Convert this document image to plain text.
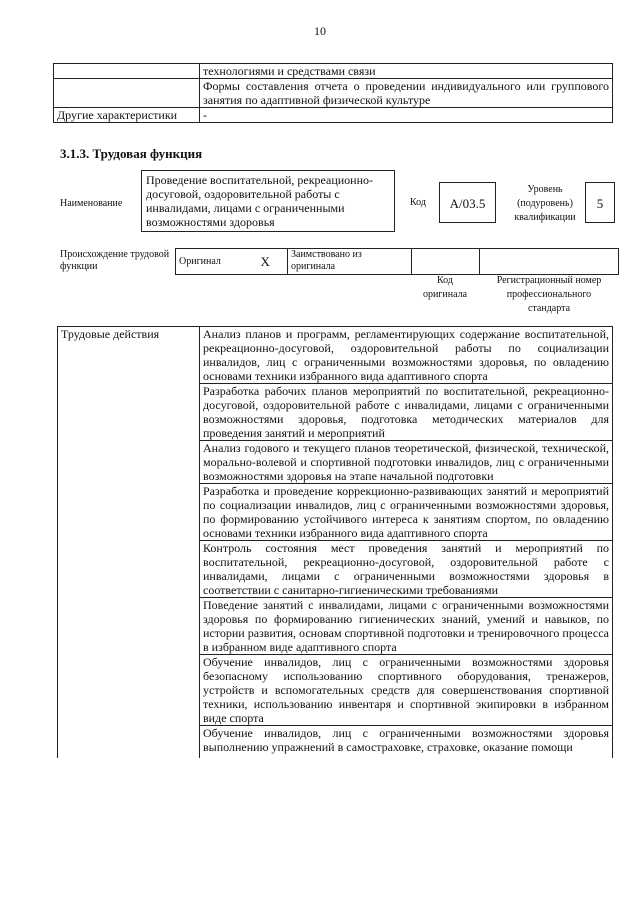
10
	технологиями и средствами связи
	Формы составления отчета о проведении индивидуального или группового занятия по адаптивной физической культуре
Другие характеристики	-
3.1.3. Трудовая функция
Наименование
Проведение воспитательной, рекреационно-досуговой, оздоровительной работы с инвалидами, лицами с ограниченными возможностями здоровья
Код	А/03.5
Уровень (подуровень) квалификации
5
Происхождение трудовой функции	Оригинал	X	Заимствовано из оригинала		
Код оригинала
Регистрационный номер профессионального стандарта
Трудовые действия	Анализ планов и программ, регламентирующих содержание воспитательной, рекреационно-досуговой, оздоровительной работы по социализации инвалидов, лиц с ограниченными возможностями здоровья, по овладению основами техники избранного вида адаптивного спорта
Разработка рабочих планов мероприятий по воспитательной, рекреационно-досуговой, оздоровительной работе с инвалидами, лицами с ограниченными возможностями здоровья, подготовка методических материалов для проведения занятий и мероприятий
Анализ годового и текущего планов теоретической, физической, технической, морально-волевой и спортивной подготовки инвалидов, лиц с ограниченными возможностями здоровья на этапе начальной подготовки
Разработка и проведение коррекционно-развивающих занятий и мероприятий по социализации инвалидов, лиц с ограниченными возможностями здоровья, по формированию устойчивого интереса к занятиям спортом, по овладению основами техники избранного вида адаптивного спорта
Контроль состояния мест проведения занятий и мероприятий по воспитательной, рекреационно-досуговой, оздоровительной работе с инвалидами, лицами с ограниченными возможностями здоровья в соответствии с санитарно-гигиеническими требованиями
Поведение занятий с инвалидами, лицами с ограниченными возможностями здоровья по формированию гигиенических знаний, умений и навыков, по истории развития, основам спортивной подготовки и тренировочного процесса в избранном виде адаптивного спорта
Обучение инвалидов, лиц с ограниченными возможностями здоровья безопасному использованию спортивного оборудования, тренажеров, устройств и вспомогательных средств для совершенствования спортивной техники, использованию инвентаря и спортивной экипировки в избранном виде спорта

Обучение инвалидов, лиц с ограниченными возможностями здоровья выполнению упражнений в самостраховке, страховке, оказание помощи
